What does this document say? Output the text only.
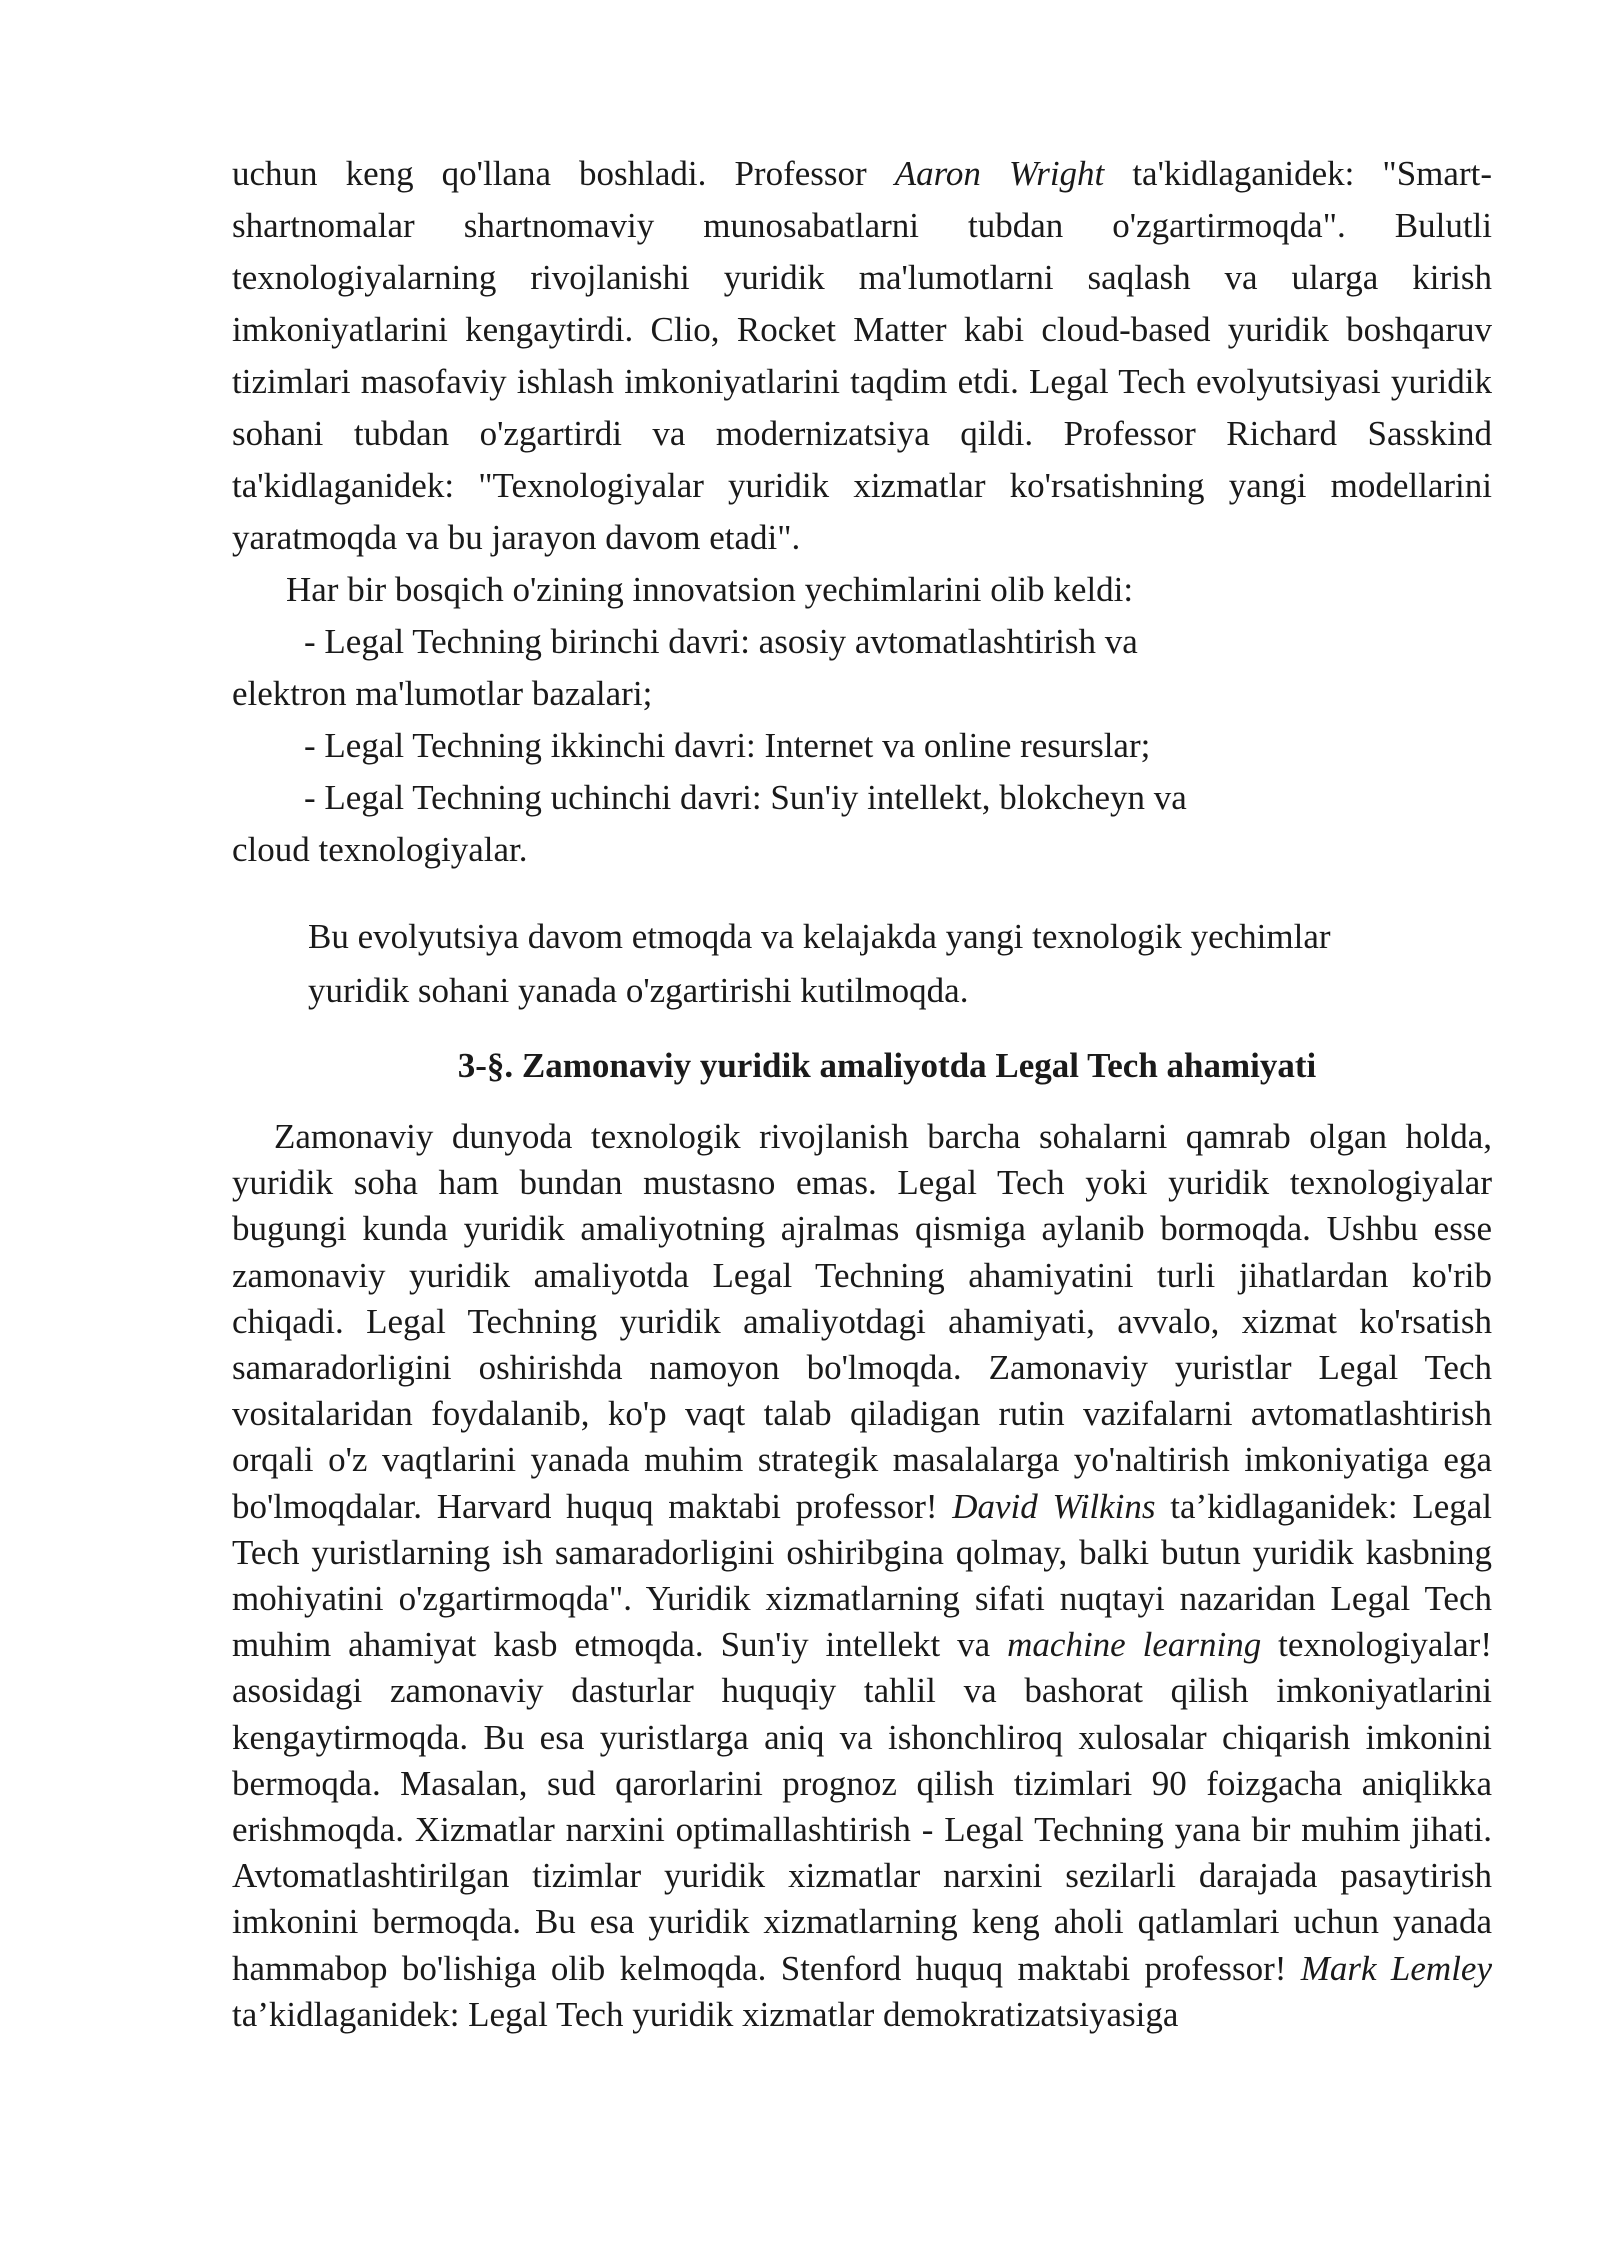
uchun keng qo'llana boshladi. Professor Aaron Wright ta'kidlaganidek: "Smart-shartnomalar shartnomaviy munosabatlarni tubdan o'zgartirmoqda". Bulutli texnologiyalarning rivojlanishi yuridik ma'lumotlarni saqlash va ularga kirish imkoniyatlarini kengaytirdi. Clio, Rocket Matter kabi cloud-based yuridik boshqaruv tizimlari masofaviy ishlash imkoniyatlarini taqdim etdi. Legal Tech evolyutsiyasi yuridik sohani tubdan o'zgartirdi va modernizatsiya qildi. Professor Richard Sasskind ta'kidlaganidek: "Texnologiyalar yuridik xizmatlar ko'rsatishning yangi modellarini yaratmoqda va bu jarayon davom etadi".

Har bir bosqich o'zining innovatsion yechimlarini olib keldi:

- Legal Techning birinchi davri: asosiy avtomatlashtirish va
elektron ma'lumotlar bazalari;
- Legal Techning ikkinchi davri: Internet va online resurslar;
- Legal Techning uchinchi davri: Sun'iy intellekt, blokcheyn va
cloud texnologiyalar.
Bu evolyutsiya davom etmoqda va kelajakda yangi texnologik yechimlar
yuridik sohani yanada o'zgartirishi kutilmoqda.
3-§. Zamonaviy yuridik amaliyotda Legal Tech ahamiyati

Zamonaviy dunyoda texnologik rivojlanish barcha sohalarni qamrab olgan holda, yuridik soha ham bundan mustasno emas. Legal Tech yoki yuridik texnologiyalar bugungi kunda yuridik amaliyotning ajralmas qismiga aylanib bormoqda. Ushbu esse zamonaviy yuridik amaliyotda Legal Techning ahamiyatini turli jihatlardan ko'rib chiqadi. Legal Techning yuridik amaliyotdagi ahamiyati, avvalo, xizmat ko'rsatish samaradorligini oshirishda namoyon bo'lmoqda. Zamonaviy yuristlar Legal Tech vositalaridan foydalanib, ko'p vaqt talab qiladigan rutin vazifalarni avtomatlashtirish orqali o'z vaqtlarini yanada muhim strategik masalalarga yo'naltirish imkoniyatiga ega bo'lmoqdalar. Harvard huquq maktabi professor! David Wilkins ta’kidlaganidek: Legal Tech yuristlarning ish samaradorligini oshiribgina qolmay, balki butun yuridik kasbning mohiyatini o'zgartirmoqda". Yuridik xizmatlarning sifati nuqtayi nazaridan Legal Tech muhim ahamiyat kasb etmoqda. Sun'iy intellekt va machine learning texnologiyalar! asosidagi zamonaviy dasturlar huquqiy tahlil va bashorat qilish imkoniyatlarini kengaytirmoqda. Bu esa yuristlarga aniq va ishonchliroq xulosalar chiqarish imkonini bermoqda. Masalan, sud qarorlarini prognoz qilish tizimlari 90 foizgacha aniqlikka erishmoqda. Xizmatlar narxini optimallashtirish - Legal Techning yana bir muhim jihati. Avtomatlashtirilgan tizimlar yuridik xizmatlar narxini sezilarli darajada pasaytirish imkonini bermoqda. Bu esa yuridik xizmatlarning keng aholi qatlamlari uchun yanada hammabop bo'lishiga olib kelmoqda. Stenford huquq maktabi professor! Mark Lemley ta’kidlaganidek: Legal Tech yuridik xizmatlar demokratizatsiyasiga
